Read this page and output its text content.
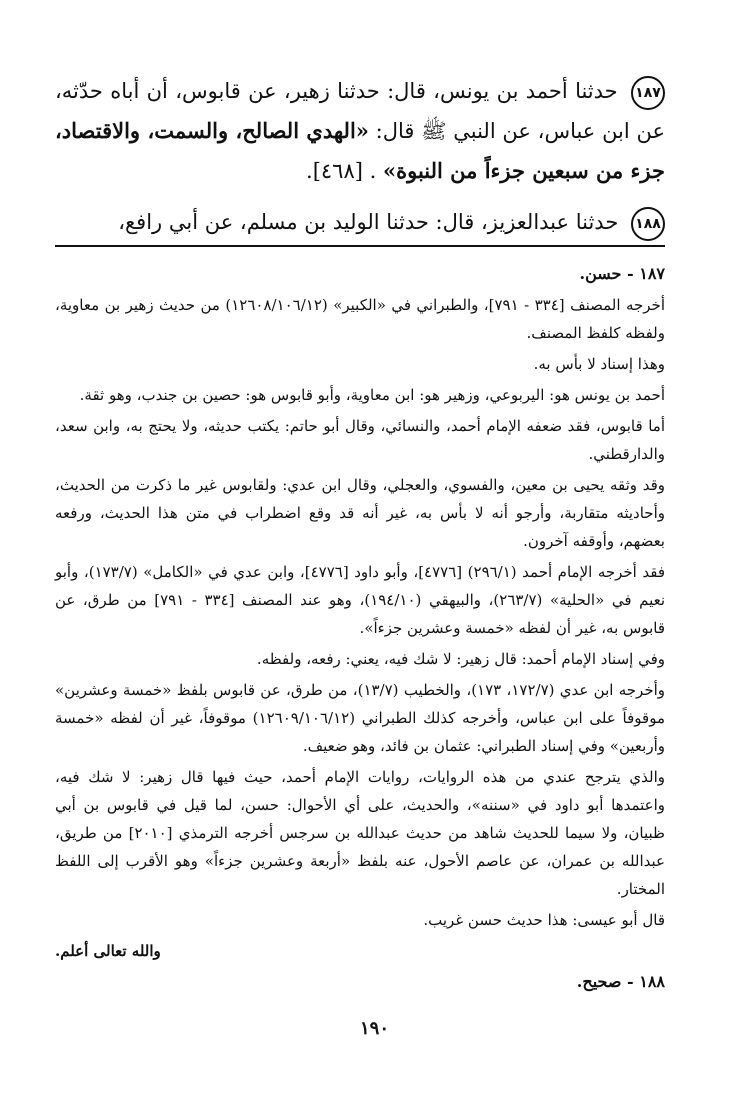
١٨٧ حدثنا أحمد بن يونس، قال: حدثنا زهير، عن قابوس، أن أباه حدّثه، عن ابن عباس، عن النبي ﷺ قال: «الهدي الصالح، والسمت، والاقتصاد، جزء من سبعين جزءاً من النبوة» . [٤٦٨].

١٨٨ حدثنا عبدالعزيز، قال: حدثنا الوليد بن مسلم، عن أبي رافع،

١٨٧ - حسن.

أخرجه المصنف [٣٣٤ - ٧٩١]، والطبراني في «الكبير» (١٢٦٠٨/١٠٦/١٢) من حديث زهير بن معاوية، ولفظه كلفظ المصنف.

وهذا إسناد لا بأس به.

أحمد بن يونس هو: اليربوعي، وزهير هو: ابن معاوية، وأبو قابوس هو: حصين بن جندب، وهو ثقة.

أما قابوس، فقد ضعفه الإمام أحمد، والنسائي، وقال أبو حاتم: يكتب حديثه، ولا يحتج به، وابن سعد، والدارقطني.

وقد وثقه يحيى بن معين، والفسوي، والعجلي، وقال ابن عدي: ولقابوس غير ما ذكرت من الحديث، وأحاديثه متقاربة، وأرجو أنه لا بأس به، غير أنه قد وقع اضطراب في متن هذا الحديث، ورفعه بعضهم، وأوقفه آخرون.

فقد أخرجه الإمام أحمد (٢٩٦/١) [٤٧٧٦]، وأبو داود [٤٧٧٦]، وابن عدي في «الكامل» (١٧٣/٧)، وأبو نعيم في «الحلية» (٢٦٣/٧)، والبيهقي (١٩٤/١٠)، وهو عند المصنف [٣٣٤ - ٧٩١] من طرق، عن قابوس به، غير أن لفظه «خمسة وعشرين جزءاً».

وفي إسناد الإمام أحمد: قال زهير: لا شك فيه، يعني: رفعه، ولفظه.

وأخرجه ابن عدي (١٧٢/٧، ١٧٣)، والخطيب (١٣/٧)، من طرق، عن قابوس بلفظ «خمسة وعشرين» موقوفاً على ابن عباس، وأخرجه كذلك الطبراني (١٢٦٠٩/١٠٦/١٢) موقوفاً، غير أن لفظه «خمسة وأربعين» وفي إسناد الطبراني: عثمان بن فائد، وهو ضعيف.

والذي يترجح عندي من هذه الروايات، روايات الإمام أحمد، حيث فيها قال زهير: لا شك فيه، واعتمدها أبو داود في «سننه»، والحديث، على أي الأحوال: حسن، لما قيل في قابوس بن أبي ظبيان، ولا سيما للحديث شاهد من حديث عبدالله بن سرجس أخرجه الترمذي [٢٠١٠] من طريق، عبدالله بن عمران، عن عاصم الأحول، عنه بلفظ «أربعة وعشرين جزءاً» وهو الأقرب إلى اللفظ المختار.

قال أبو عيسى: هذا حديث حسن غريب.

والله تعالى أعلم.

١٨٨ - صحيح.

١٩٠
